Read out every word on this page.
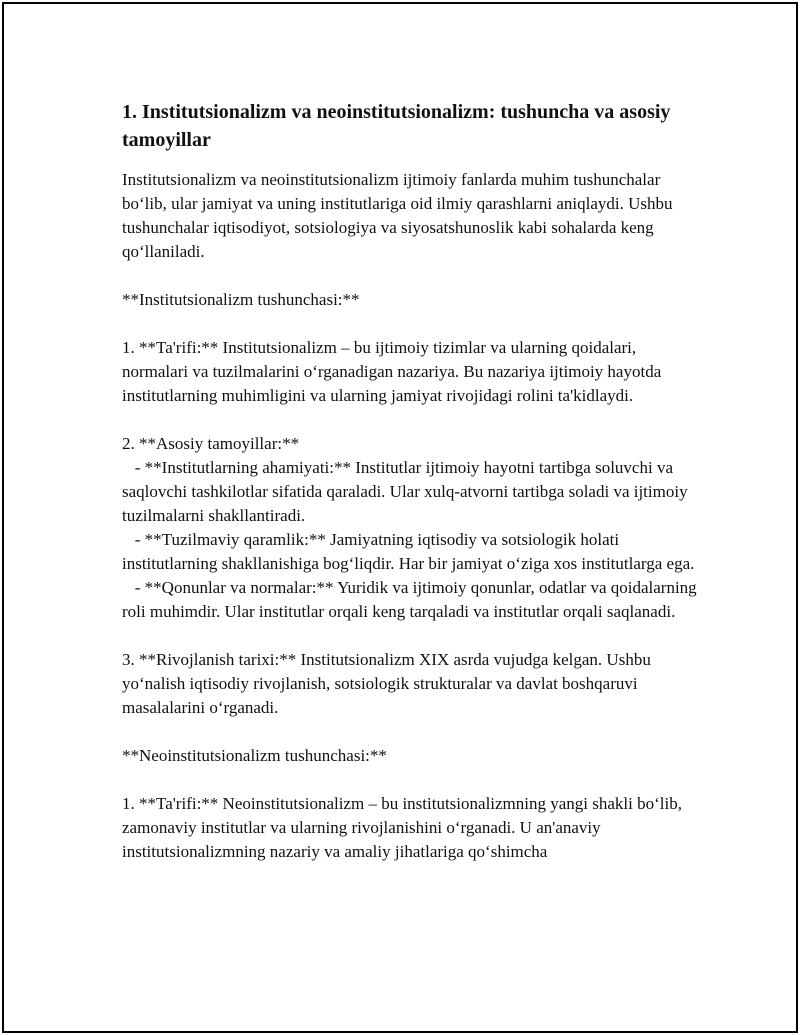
1. Institutsionalizm va neoinstitutsionalizm: tushuncha va asosiy tamoyillar

Institutsionalizm va neoinstitutsionalizm ijtimoiy fanlarda muhim tushunchalar bo‘lib, ular jamiyat va uning institutlariga oid ilmiy qarashlarni aniqlaydi. Ushbu tushunchalar iqtisodiyot, sotsiologiya va siyosatshunoslik kabi sohalarda keng qo‘llaniladi.

**Institutsionalizm tushunchasi:**

1. **Ta'rifi:** Institutsionalizm – bu ijtimoiy tizimlar va ularning qoidalari, normalari va tuzilmalarini o‘rganadigan nazariya. Bu nazariya ijtimoiy hayotda institutlarning muhimligini va ularning jamiyat rivojidagi rolini ta'kidlaydi.

2. **Asosiy tamoyillar:**
- **Institutlarning ahamiyati:** Institutlar ijtimoiy hayotni tartibga soluvchi va saqlovchi tashkilotlar sifatida qaraladi. Ular xulq-atvorni tartibga soladi va ijtimoiy tuzilmalarni shakllantiradi.
- **Tuzilmaviy qaramlik:** Jamiyatning iqtisodiy va sotsiologik holati institutlarning shakllanishiga bog‘liqdir. Har bir jamiyat o‘ziga xos institutlarga ega.
- **Qonunlar va normalar:** Yuridik va ijtimoiy qonunlar, odatlar va qoidalarning roli muhimdir. Ular institutlar orqali keng tarqaladi va institutlar orqali saqlanadi.

3. **Rivojlanish tarixi:** Institutsionalizm XIX asrda vujudga kelgan. Ushbu yo‘nalish iqtisodiy rivojlanish, sotsiologik strukturalar va davlat boshqaruvi masalalarini o‘rganadi.

**Neoinstitutsionalizm tushunchasi:**

1. **Ta'rifi:** Neoinstitutsionalizm – bu institutsionalizmning yangi shakli bo‘lib, zamonaviy institutlar va ularning rivojlanishini o‘rganadi. U an'anaviy institutsionalizmning nazariy va amaliy jihatlariga qo‘shimcha
